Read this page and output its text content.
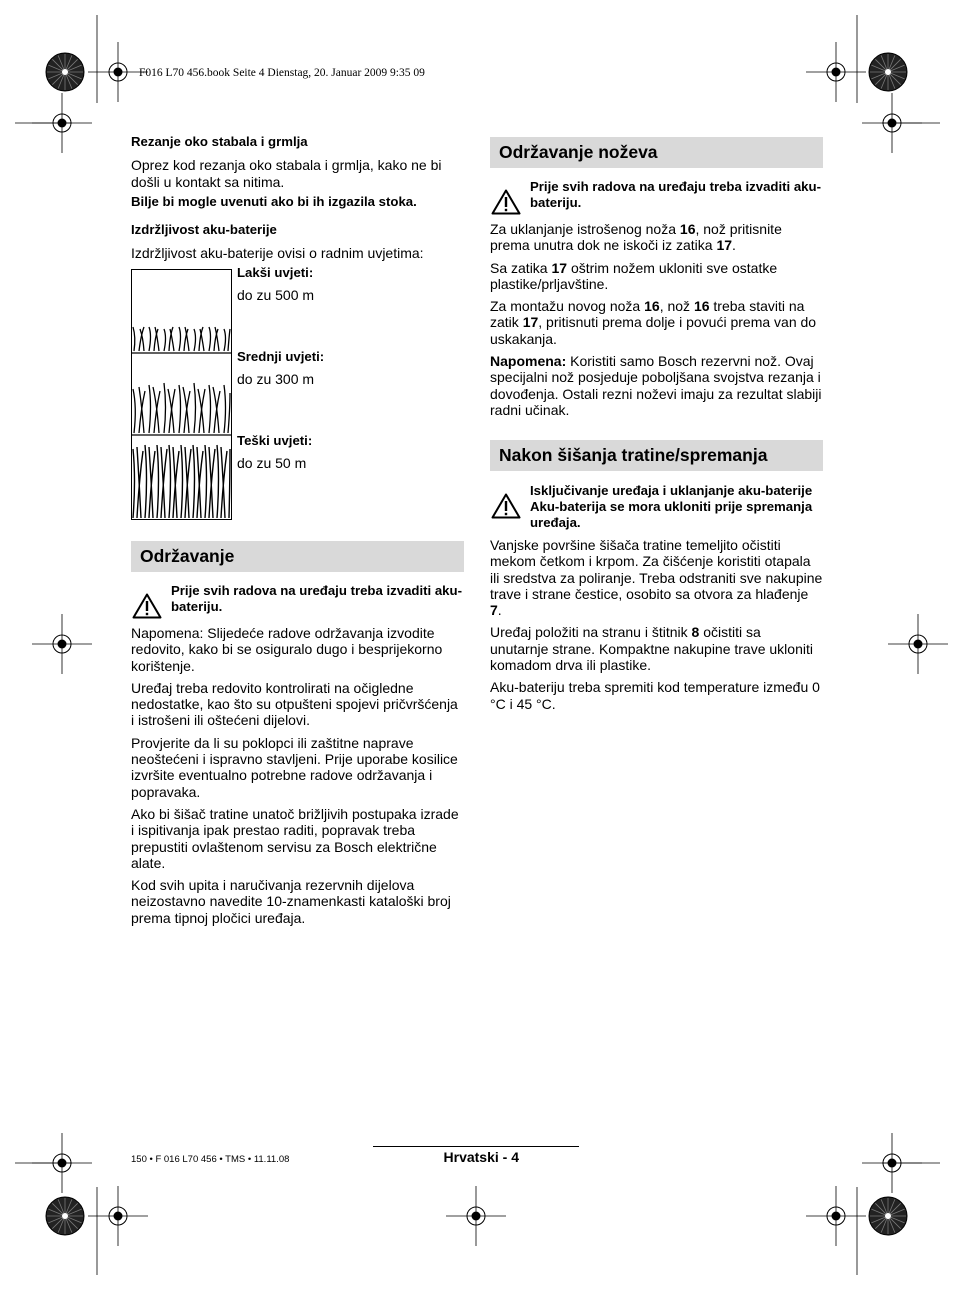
F016 L70 456.book Seite 4 Dienstag, 20. Januar 2009 9:35 09

Rezanje oko stabala i grmlja

Oprez kod rezanja oko stabala i grmlja, kako ne bi došli u kontakt sa nitima.

Bilje bi mogle uvenuti ako bi ih izgazila stoka.

Izdržljivost aku-baterije

Izdržljivost aku-baterije ovisi o radnim uvjetima:

Lakši uvjeti:
do zu 500 m
Srednji uvjeti:
do zu 300 m
Teški uvjeti:
do zu 50 m
Održavanje
Prije svih radova na uređaju treba izvaditi aku-bateriju.

Napomena: Slijedeće radove održavanja izvodite redovito, kako bi se osiguralo dugo i besprijekorno korištenje.

Uređaj treba redovito kontrolirati na očigledne nedostatke, kao što su otpušteni spojevi pričvršćenja i istrošeni ili oštećeni dijelovi.

Provjerite da li su poklopci ili zaštitne naprave neoštećeni i ispravno stavljeni. Prije uporabe kosilice izvršite eventualno potrebne radove održavanja i popravaka.

Ako bi šišač tratine unatoč brižljivih postupaka izrade i ispitivanja ipak prestao raditi, popravak treba prepustiti ovlaštenom servisu za Bosch električne alate.

Kod svih upita i naručivanja rezervnih dijelova neizostavno navedite 10-znamenkasti kataloški broj prema tipnoj pločici uređaja.

Održavanje noževa
Prije svih radova na uređaju treba izvaditi aku-bateriju.

Za uklanjanje istrošenog noža 16, nož pritisnite prema unutra dok ne iskoči iz zatika 17.

Sa zatika 17 oštrim nožem ukloniti sve ostatke plastike/prljavštine.

Za montažu novog noža 16, nož 16 treba staviti na zatik 17, pritisnuti prema dolje i povući prema van do uskakanja.

Napomena: Koristiti samo Bosch rezervni nož. Ovaj specijalni nož posjeduje poboljšana svojstva rezanja i dovođenja. Ostali rezni noževi imaju za rezultat slabiji radni učinak.

Nakon šišanja tratine/spremanja
Isključivanje uređaja i uklanjanje aku-baterije Aku-baterija se mora ukloniti prije spremanja uređaja.

Vanjske površine šišača tratine temeljito očistiti mekom četkom i krpom. Za čišćenje koristiti otapala ili sredstva za poliranje. Treba odstraniti sve nakupine trave i strane čestice, osobito sa otvora za hlađenje 7.

Uređaj položiti na stranu i štitnik 8 očistiti sa unutarnje strane. Kompaktne nakupine trave ukloniti komadom drva ili plastike.

Aku-bateriju treba spremiti kod temperature između 0 °C i 45 °C.

150 • F 016 L70 456 • TMS • 11.11.08	Hrvatski - 4
